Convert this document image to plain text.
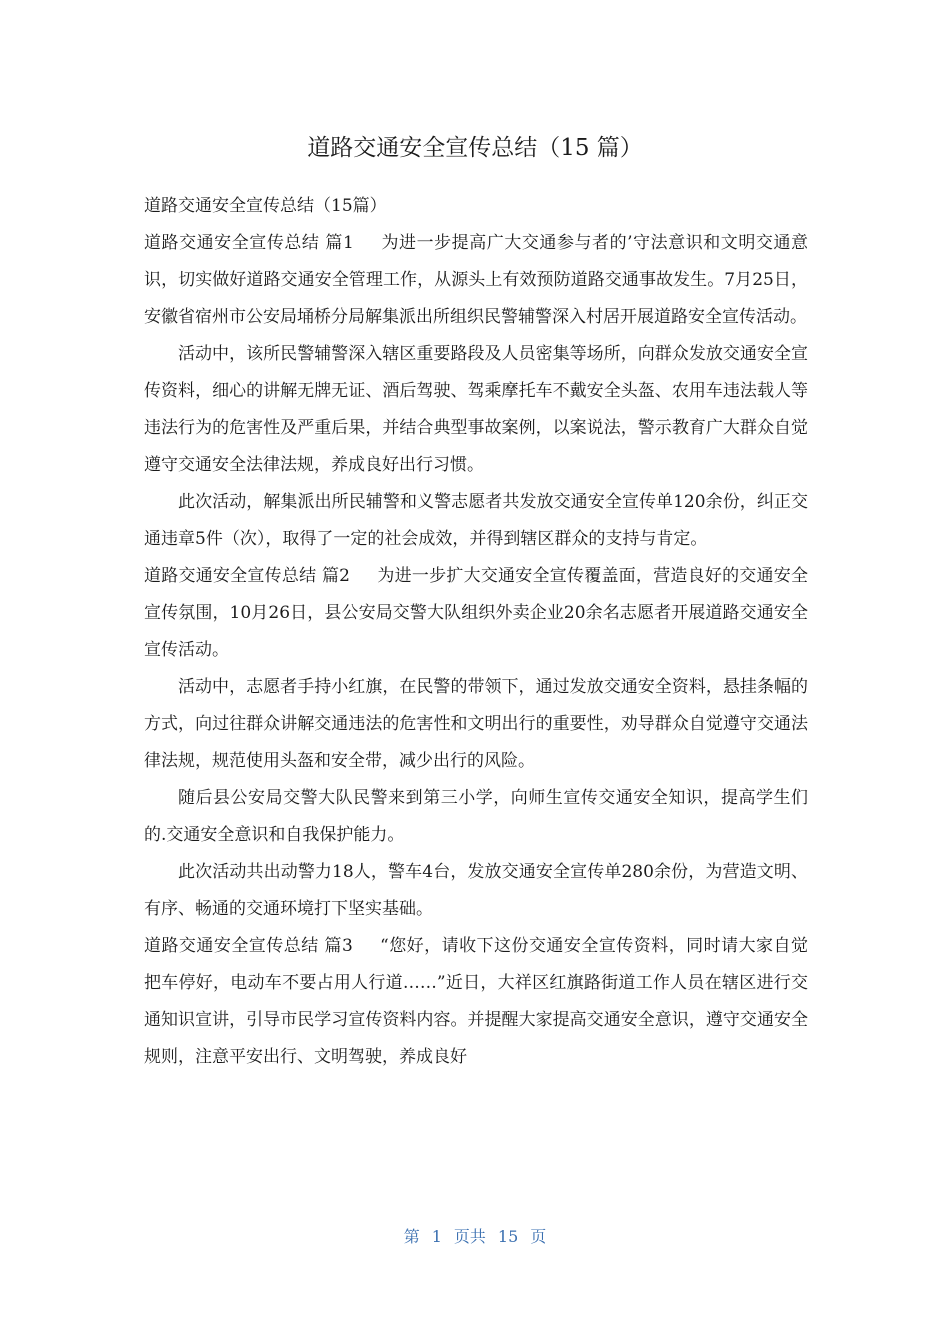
道路交通安全宣传总结（15 篇）

道路交通安全宣传总结（15篇）

道路交通安全宣传总结 篇1 为进一步提高广大交通参与者的’守法意识和文明交通意识，切实做好道路交通安全管理工作，从源头上有效预防道路交通事故发生。7月25日，安徽省宿州市公安局埇桥分局解集派出所组织民警辅警深入村居开展道路安全宣传活动。

活动中，该所民警辅警深入辖区重要路段及人员密集等场所，向群众发放交通安全宣传资料，细心的讲解无牌无证、酒后驾驶、驾乘摩托车不戴安全头盔、农用车违法载人等违法行为的危害性及严重后果，并结合典型事故案例，以案说法，警示教育广大群众自觉遵守交通安全法律法规，养成良好出行习惯。

此次活动，解集派出所民辅警和义警志愿者共发放交通安全宣传单120余份，纠正交通违章5件（次），取得了一定的社会成效，并得到辖区群众的支持与肯定。

道路交通安全宣传总结 篇2 为进一步扩大交通安全宣传覆盖面，营造良好的交通安全宣传氛围，10月26日，县公安局交警大队组织外卖企业20余名志愿者开展道路交通安全宣传活动。

活动中，志愿者手持小红旗，在民警的带领下，通过发放交通安全资料，悬挂条幅的方式，向过往群众讲解交通违法的危害性和文明出行的重要性，劝导群众自觉遵守交通法律法规，规范使用头盔和安全带，减少出行的风险。

随后县公安局交警大队民警来到第三小学，向师生宣传交通安全知识，提高学生们的.交通安全意识和自我保护能力。

此次活动共出动警力18人，警车4台，发放交通安全宣传单280余份，为营造文明、有序、畅通的交通环境打下坚实基础。

道路交通安全宣传总结 篇3 “您好，请收下这份交通安全宣传资料，同时请大家自觉把车停好，电动车不要占用人行道……”近日，大祥区红旗路街道工作人员在辖区进行交通知识宣讲，引导市民学习宣传资料内容。并提醒大家提高交通安全意识，遵守交通安全规则，注意平安出行、文明驾驶，养成良好

第 1 页共 15 页
